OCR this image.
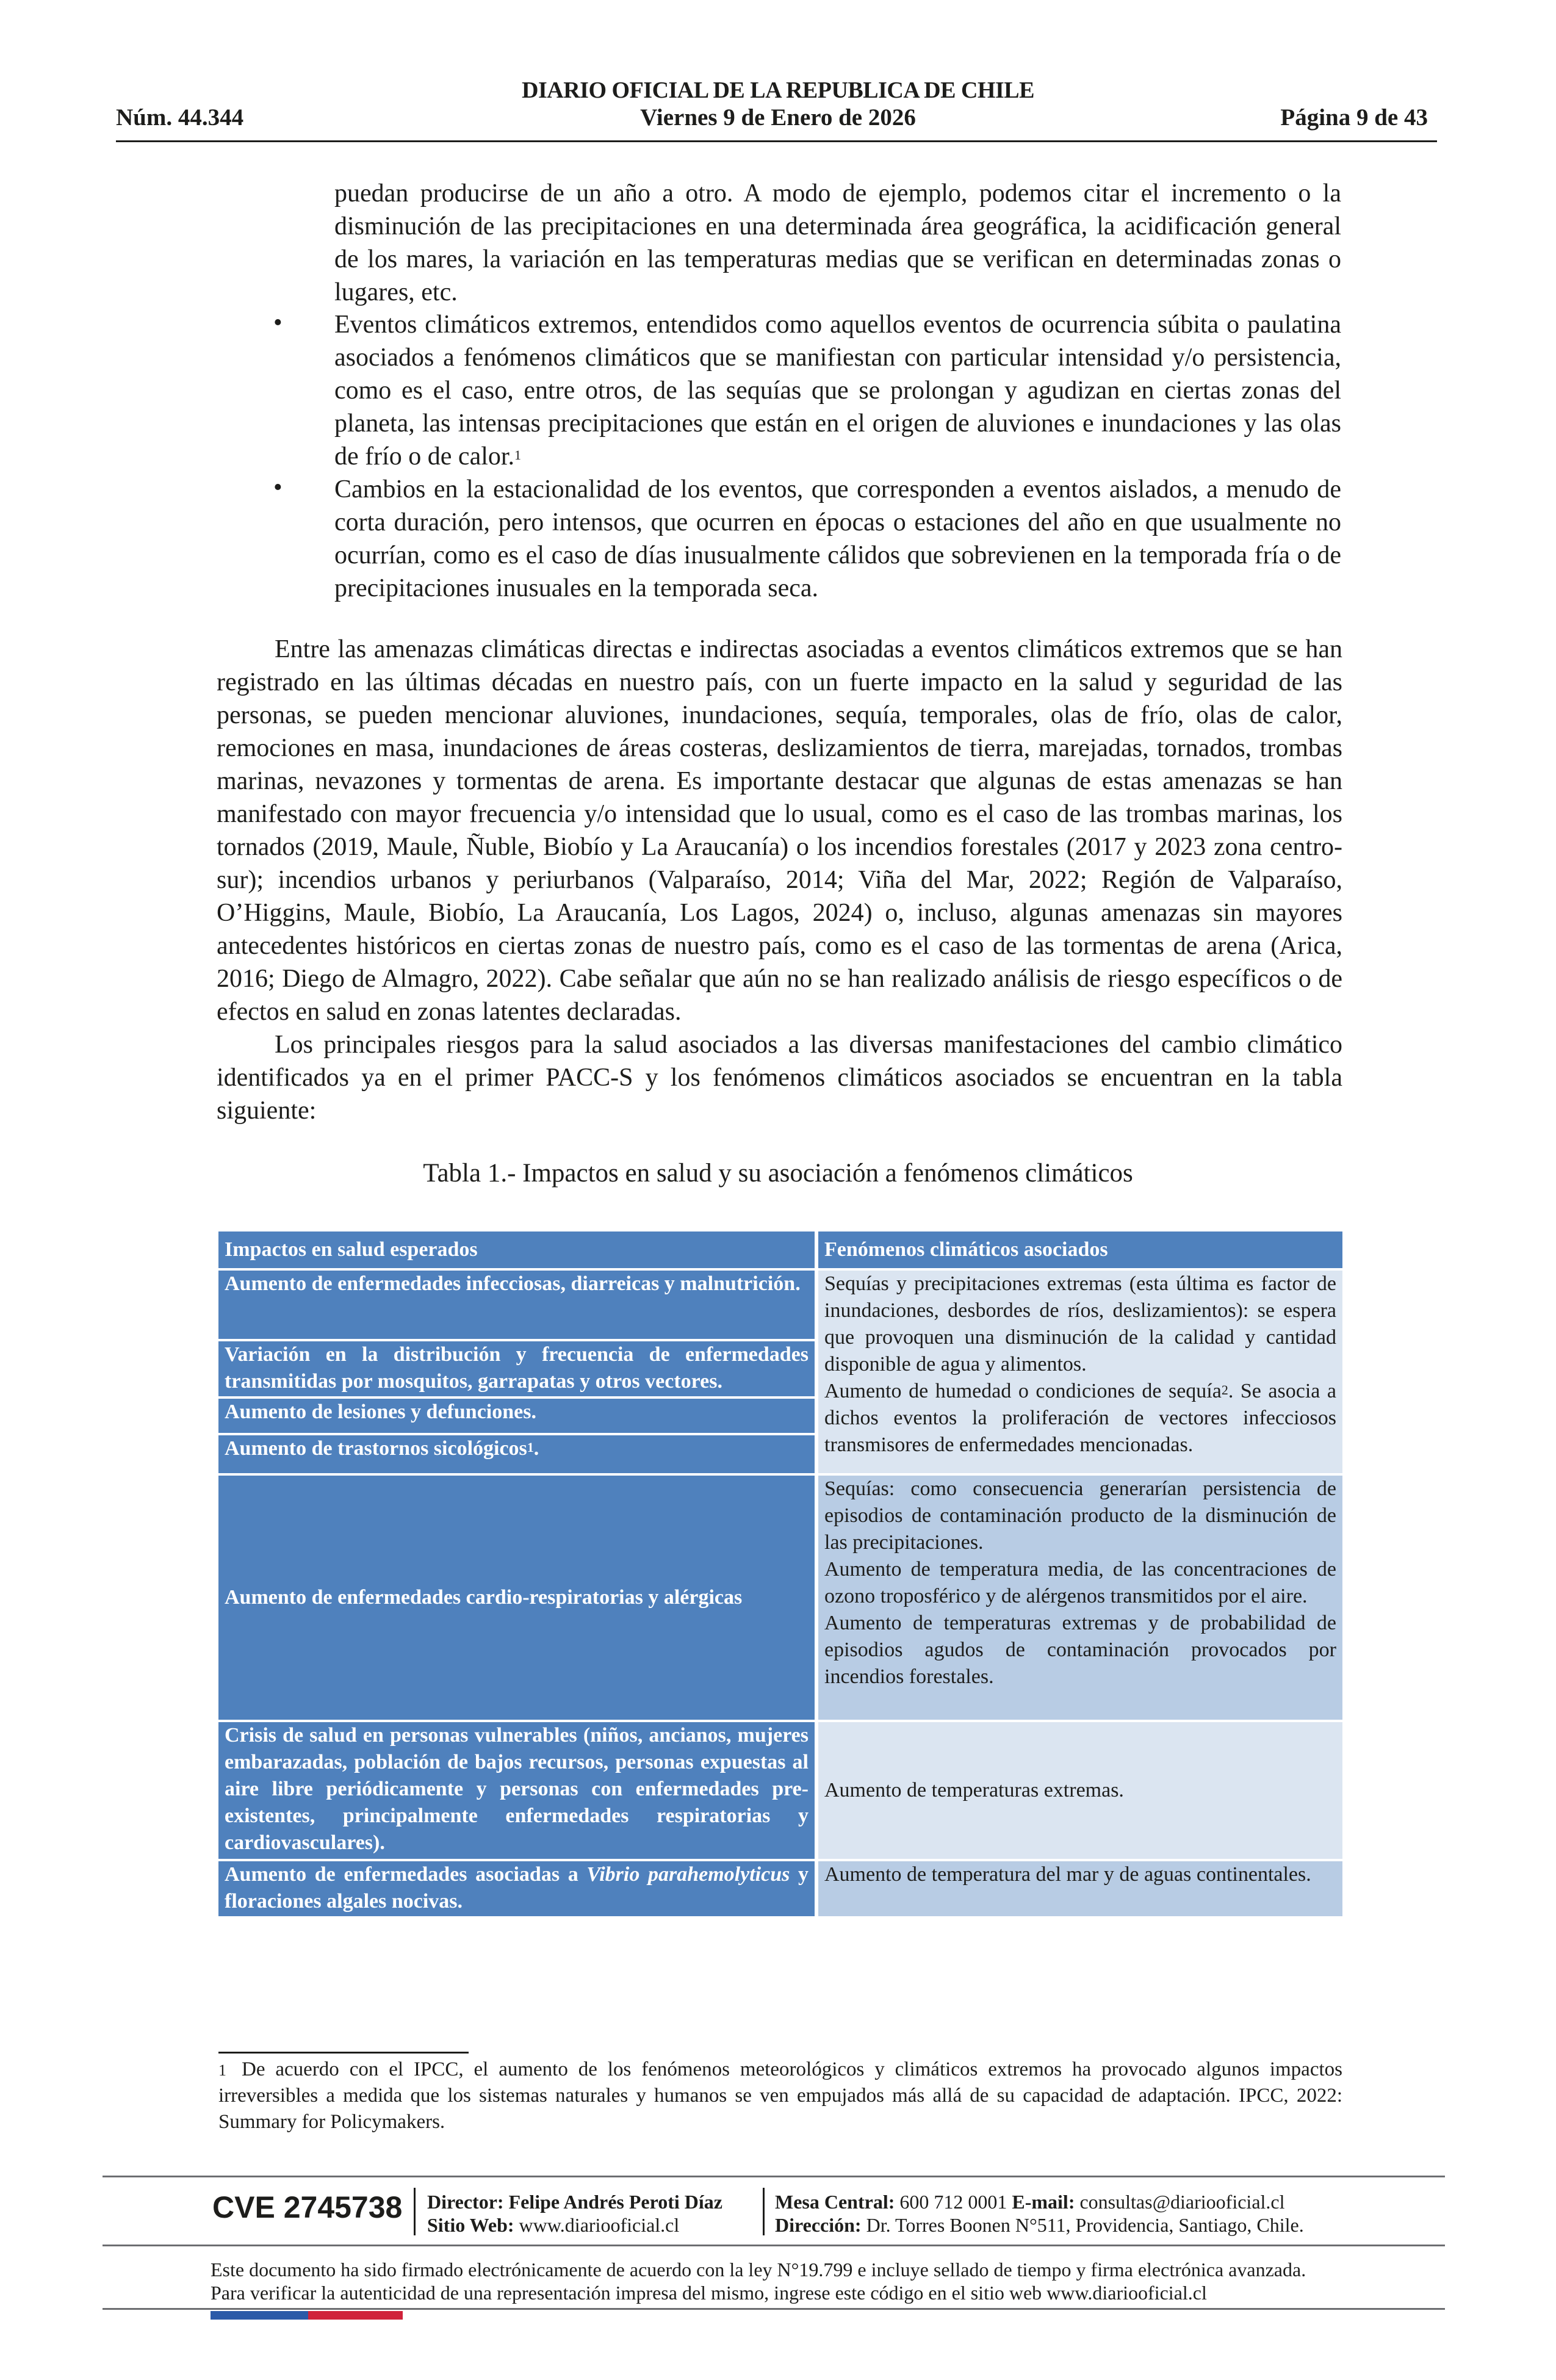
DIARIO OFICIAL DE LA REPUBLICA DE CHILE
Núm. 44.344	Viernes 9 de Enero de 2026	Página 9 de 43

puedan producirse de un año a otro. A modo de ejemplo, podemos citar el incremento o la disminución de las precipitaciones en una determinada área geográfica, la acidificación general de los mares, la variación en las temperaturas medias que se verifican en determinadas zonas o lugares, etc.

• Eventos climáticos extremos, entendidos como aquellos eventos de ocurrencia súbita o paulatina asociados a fenómenos climáticos que se manifiestan con particular intensidad y/o persistencia, como es el caso, entre otros, de las sequías que se prolongan y agudizan en ciertas zonas del planeta, las intensas precipitaciones que están en el origen de aluviones e inundaciones y las olas de frío o de calor.$^1$

• Cambios en la estacionalidad de los eventos, que corresponden a eventos aislados, a menudo de corta duración, pero intensos, que ocurren en épocas o estaciones del año en que usualmente no ocurrían, como es el caso de días inusualmente cálidos que sobrevienen en la temporada fría o de precipitaciones inusuales en la temporada seca.

Entre las amenazas climáticas directas e indirectas asociadas a eventos climáticos extremos que se han registrado en las últimas décadas en nuestro país, con un fuerte impacto en la salud y seguridad de las personas, se pueden mencionar aluviones, inundaciones, sequía, temporales, olas de frío, olas de calor, remociones en masa, inundaciones de áreas costeras, deslizamientos de tierra, marejadas, tornados, trombas marinas, nevazones y tormentas de arena. Es importante destacar que algunas de estas amenazas se han manifestado con mayor frecuencia y/o intensidad que lo usual, como es el caso de las trombas marinas, los tornados (2019, Maule, Ñuble, Biobío y La Araucanía) o los incendios forestales (2017 y 2023 zona centro-sur); incendios urbanos y periurbanos (Valparaíso, 2014; Viña del Mar, 2022; Región de Valparaíso, O’Higgins, Maule, Biobío, La Araucanía, Los Lagos, 2024) o, incluso, algunas amenazas sin mayores antecedentes históricos en ciertas zonas de nuestro país, como es el caso de las tormentas de arena (Arica, 2016; Diego de Almagro, 2022). Cabe señalar que aún no se han realizado análisis de riesgo específicos o de efectos en salud en zonas latentes declaradas.

Los principales riesgos para la salud asociados a las diversas manifestaciones del cambio climático identificados ya en el primer PACC-S y los fenómenos climáticos asociados se encuentran en la tabla siguiente:

Tabla 1.- Impactos en salud y su asociación a fenómenos climáticos
Impactos en salud esperados	Fenómenos climáticos asociados
Aumento de enfermedades infecciosas, diarreicas y malnutrición.	Sequías y precipitaciones extremas (esta última es factor de inundaciones, desbordes de ríos, deslizamientos): se espera que provoquen una disminución de la calidad y cantidad disponible de agua y alimentos.
Aumento de humedad o condiciones de sequía$^2$. Se asocia a dichos eventos la proliferación de vectores infecciosos transmisores de enfermedades mencionadas.

Variación en la distribución y frecuencia de enfermedades transmitidas por mosquitos, garrapatas y otros vectores.	
Aumento de lesiones y defunciones.	
Aumento de trastornos sicológicos$^1$.	
Aumento de enfermedades cardio-respiratorias y alérgicas	Sequías: como consecuencia generarían persistencia de episodios de contaminación producto de la disminución de las precipitaciones.
Aumento de temperatura media, de las concentraciones de ozono troposférico y de alérgenos transmitidos por el aire.
Aumento de temperaturas extremas y de probabilidad de episodios agudos de contaminación provocados por incendios forestales.

Crisis de salud en personas vulnerables (niños, ancianos, mujeres embarazadas, población de bajos recursos, personas expuestas al aire libre periódicamente y personas con enfermedades pre-existentes, principalmente enfermedades respiratorias y cardiovasculares).	Aumento de temperaturas extremas.
Aumento de enfermedades asociadas a Vibrio parahemolyticus y floraciones algales nocivas.	Aumento de temperatura del mar y de aguas continentales.
1 De acuerdo con el IPCC, el aumento de los fenómenos meteorológicos y climáticos extremos ha provocado algunos impactos irreversibles a medida que los sistemas naturales y humanos se ven empujados más allá de su capacidad de adaptación. IPCC, 2022: Summary for Policymakers.
CVE 2745738 Director: Felipe Andrés Peroti Díaz
Sitio Web: www.diariooficial.cl
Mesa Central: 600 712 0001 E-mail: consultas@diariooficial.cl
Dirección: Dr. Torres Boonen N°511, Providencia, Santiago, Chile.
Este documento ha sido firmado electrónicamente de acuerdo con la ley N°19.799 e incluye sellado de tiempo y firma electrónica avanzada. Para verificar la autenticidad de una representación impresa del mismo, ingrese este código en el sitio web www.diariooficial.cl
